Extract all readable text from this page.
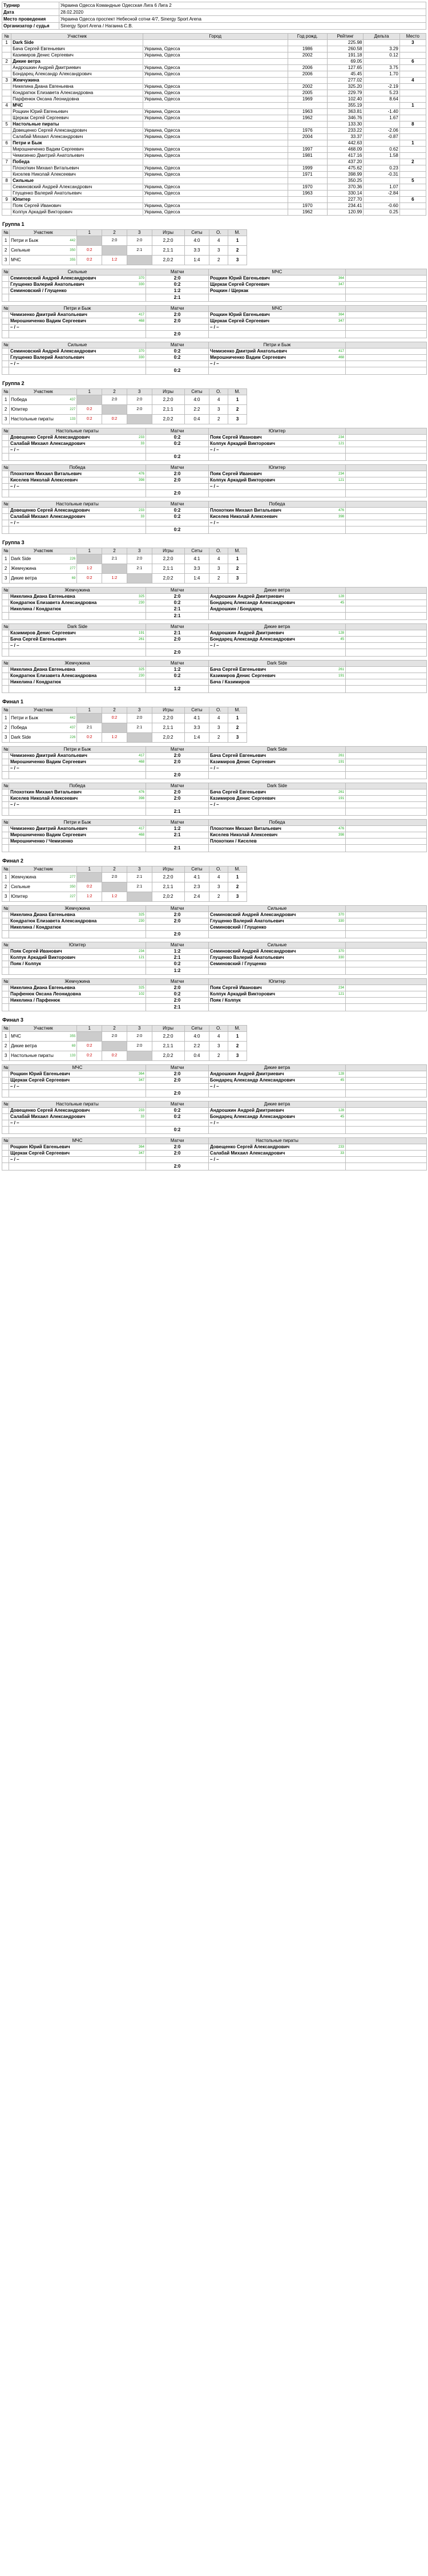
Турнир	Украина Одесса Командные Одесская Лига 6 Лига 2
Дата	28.02.2020
Место проведения	Украина Одесса проспект Небесной сотни 4/7, Sinergy Sport Arena
Организатор / судья	Sinergy Sport Arena / Нагаина С.В.
№	Участник	Город	Год рожд.	Рейтинг	Дельта	Место
1	Dark Side			225.98		3
	Бача Сергей Евгеньевич	Украина, Одесса	1986	260.58	3.29	
	Казимиров Денис Сергеевич	Украина, Одесса	2002	191.18	0.12	
2	Дикие ветра			69.05		6
	Андрошкин Андрей Дмитриевич	Украина, Одесса	2006	127.65	3.75	
	Бондарец Александр Александрович	Украина, Одесса	2006	45.45	1.70	
3	Жемчужина			277.02		4
	Никелина Диана Евгеньевна	Украина, Одесса	2002	325.20	-2.19	
	Кондратюк Елизавета Александровна	Украина, Одесса	2005	229.79	5.23	
	Парфенюк Оксана Леонидовна	Украина, Одесса	1969	102.40	8.64	
4	МЧС			355.19		1
	Рощкин Юрий Евгеньевич	Украина, Одесса	1963	363.81	-1.40	
	Щеркак Сергей Сергеевич	Украина, Одесса	1962	346.76	1.67	
5	Настольные пираты			133.30		8
	Довещенко Сергей Александрович	Украина, Одесса	1976	233.22	-2.06	
	Салабай Михаил Александрович	Украина, Одесса	2004	33.37	-0.87	
6	Петри и Быж			442.63		1
	Мирошниченко Вадим Сергеевич	Украина, Одесса	1997	468.09	0.62	
	Чемизенко Дмитрий Анатольевич	Украина, Одесса	1981	417.16	1.58	
7	Победа			437.20		2
	Плохоткин Михаил Витальевич	Украина, Одесса	1999	475.62	0.23	
	Киселев Николай Алексеевич	Украина, Одесса	1971	398.99	-0.31	
8	Сильные			350.25		5
	Семиновский Андрей Александрович	Украина, Одесса	1970	370.36	1.07	
	Глущенко Валерий Анатольевич	Украина, Одесса	1963	330.14	-2.84	
9	Юпитер			227.70		6
	Пояк Сергей Иванович	Украина, Одесса	1970	234.41	-0.60	
	Колпук Аркадий Викторович	Украина, Одесса	1962	120.99	0.25	
Группа 1
№	Участник	1	2	3	Игры	Сеты	О.	М.
1	Петри и Быж 442		2:0	2:0	2,2:0	4:0	4	1
2	Сильные 350	0:2		2:1	2,1:1	3:3	3	2
3	МЧС 355	0:2	1:2		2,0:2	1:4	2	3
№	Сильные	Матчи	МЧС	
	Семиновский Андрей Александрович 370	2:0	Рощкин Юрий Евгеньевич 364	

	Глущенко Валерий Анатольевич 330	0:2	Щеркак Сергей Сергеевич 347	

	Семиновский / Глущенко	1:2	Рощкин / Щеркак	
		2:1		
№	Петри и Быж	Матчи	МЧС	
	Чемизенко Дмитрий Анатольевич 417	2:0	Рощкин Юрий Евгеньевич 364	

	Мирошниченко Вадим Сергеевич 468	2:0	Щеркак Сергей Сергеевич 347	

	– / –		– / –	
		2:0		
№	Сильные	Матчи	Петри и Быж	
	Семиновский Андрей Александрович 370	0:2	Чемизенко Дмитрий Анатольевич 417	

	Глущенко Валерий Анатольевич 330	0:2	Мирошниченко Вадим Сергеевич 468	

	– / –		– / –	
		0:2		
Группа 2
№	Участник	1	2	3	Игры	Сеты	О.	М.
1	Победа 437		2:0	2:0	2,2:0	4:0	4	1
2	Юпитер 227	0:2		2:0	2,1:1	2:2	3	2
3	Настольные пираты 133	0:2	0:2		2,0:2	0:4	2	3
№	Настольные пираты	Матчи	Юпитер	
	Довещенко Сергей Александрович 233	0:2	Пояк Сергей Иванович 234	

	Салабай Михаил Александрович 33	0:2	Колпук Аркадий Викторович 121	

	– / –		– / –	
		0:2		
№	Победа	Матчи	Юпитер	
	Плохоткин Михаил Витальевич 476	2:0	Пояк Сергей Иванович 234	

	Киселев Николай Алексеевич 398	2:0	Колпук Аркадий Викторович 121	

	– / –		– / –	
		2:0		
№	Настольные пираты	Матчи	Победа	
	Довещенко Сергей Александрович 233	0:2	Плохоткин Михаил Витальевич 476	

	Салабай Михаил Александрович 33	0:2	Киселев Николай Алексеевич 398	

	– / –		– / –	
		0:2		
Группа 3
№	Участник	1	2	3	Игры	Сеты	О.	М.
1	Dark Side 226		2:1	2:0	2,2:0	4:1	4	1
2	Жемчужина 277	1:2		2:1	2,1:1	3:3	3	2
3	Дикие ветра 69	0:2	1:2		2,0:2	1:4	2	3
№	Жемчужина	Матчи	Дикие ветра	
	Никелина Диана Евгеньевна 325	2:0	Андрошкин Андрей Дмитриевич 128	

	Кондратюк Елизавета Александровна 230	0:2	Бондарец Александр Александрович 45	

	Никелина / Кондратюк	2:1	Андрошкин / Бондарец	
		2:1		
№	Dark Side	Матчи	Дикие ветра	
	Казимиров Денис Сергеевич 191	2:1	Андрошкин Андрей Дмитриевич 128	

	Бача Сергей Евгеньевич 261	2:0	Бондарец Александр Александрович 45	

	– / –		– / –	
		2:0		
№	Жемчужина	Матчи	Dark Side	
	Никелина Диана Евгеньевна 325	1:2	Бача Сергей Евгеньевич 261	

	Кондратюк Елизавета Александровна 230	0:2	Казимиров Денис Сергеевич 191	

	Никелина / Кондратюк		Бача / Казимиров	
		1:2		
Финал 1
№	Участник	1	2	3	Игры	Сеты	О.	М.
1	Петри и Быж 442		0:2	2:0	2,2:0	4:1	4	1
2	Победа 437	2:1		2:1	2,1:1	3:3	3	2
3	Dark Side 226	0:2	1:2		2,0:2	1:4	2	3
№	Петри и Быж	Матчи	Dark Side	
	Чемизенко Дмитрий Анатольевич 417	2:0	Бача Сергей Евгеньевич 261	

	Мирошниченко Вадим Сергеевич 468	2:0	Казимиров Денис Сергеевич 191	

	– / –		– / –	
		2:0		
№	Победа	Матчи	Dark Side	
	Плохоткин Михаил Витальевич 476	2:0	Бача Сергей Евгеньевич 261	

	Киселев Николай Алексеевич 398	2:0	Казимиров Денис Сергеевич 191	

	– / –		– / –	
		2:1		
№	Петри и Быж	Матчи	Победа	
	Чемизенко Дмитрий Анатольевич 417	1:2	Плохоткин Михаил Витальевич 476	

	Мирошниченко Вадим Сергеевич 468	2:1	Киселев Николай Алексеевич 398	

	Мирошниченко / Чемизенко		Плохоткин / Киселев	
		2:1		
Финал 2
№	Участник	1	2	3	Игры	Сеты	О.	М.
1	Жемчужина 277		2:0	2:1	2,2:0	4:1	4	1
2	Сильные 350	0:2		2:1	2,1:1	2:3	3	2
3	Юпитер 227	1:2	1:2		2,0:2	2:4	2	3
№	Жемчужина	Матчи	Сильные	
	Никелина Диана Евгеньевна 325	2:0	Семиновский Андрей Александрович 370	

	Кондратюк Елизавета Александровна 230	2:0	Глущенко Валерий Анатольевич 330	

	Никелина / Кондратюк		Семиновский / Глущенко	
		2:0		
№	Юпитер	Матчи	Сильные	
	Пояк Сергей Иванович 234	1:2	Семиновский Андрей Александрович 370	

	Колпук Аркадий Викторович 121	2:1	Глущенко Валерий Анатольевич 330	

	Пояк / Колпук	0:2	Семиновский / Глущенко	
		1:2		
№	Жемчужина	Матчи	Юпитер	
	Никелина Диана Евгеньевна 325	2:0	Пояк Сергей Иванович 234	

	Парфенюк Оксана Леонидовна 102	0:2	Колпук Аркадий Викторович 121	

	Никелина / Парфенюк	2:0	Пояк / Колпук	
		2:1		
Финал 3
№	Участник	1	2	3	Игры	Сеты	О.	М.
1	МЧС 355		2:0	2:0	2,2:0	4:0	4	1
2	Дикие ветра 69	0:2		2:0	2,1:1	2:2	3	2
3	Настольные пираты 133	0:2	0:2		2,0:2	0:4	2	3
№	МЧС	Матчи	Дикие ветра	
	Рощкин Юрий Евгеньевич 364	2:0	Андрошкин Андрей Дмитриевич 128	

	Щеркак Сергей Сергеевич 347	2:0	Бондарец Александр Александрович 45	

	– / –		– / –	
		2:0		
№	Настольные пираты	Матчи	Дикие ветра	
	Довещенко Сергей Александрович 233	0:2	Андрошкин Андрей Дмитриевич 128	

	Салабай Михаил Александрович 33	0:2	Бондарец Александр Александрович 45	

	– / –		– / –	
		0:2		
№	МЧС	Матчи	Настольные пираты	
	Рощкин Юрий Евгеньевич 364	2:0	Довещенко Сергей Александрович 233	

	Щеркак Сергей Сергеевич 347	2:0	Салабай Михаил Александрович 33	

	– / –		– / –	
		2:0		
